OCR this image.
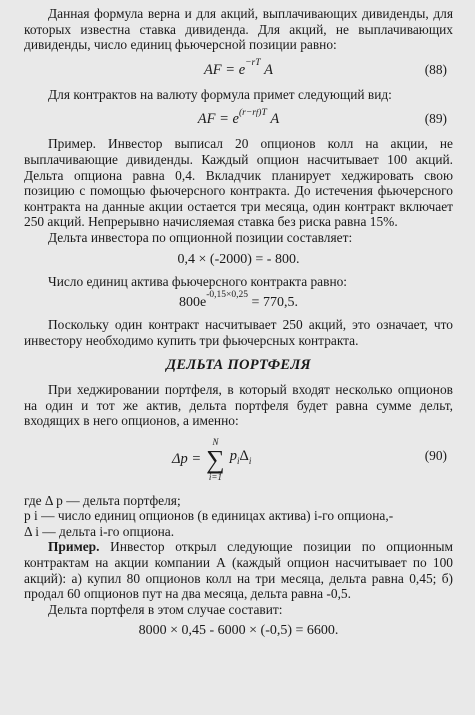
Данная формула верна и для акций, выплачивающих дивиденды, для которых известна ставка дивиденда. Для акций, не выплачивающих дивиденды, число единиц фьючерсной позиции равно:

AF = $e^{-rT}$ A	(88)

Для контрактов на валюту формула примет следующий вид:

AF = $e^{(r-rf)T}$ A	(89)

Пример. Инвестор выписал 20 опционов колл на акции, не выплачивающие дивиденды. Каждый опцион насчитывает 100 акций. Дельта опциона равна 0,4. Вкладчик планирует хеджировать свою позицию с помощью фьючерсного контракта. До истечения фьючерсного контракта на данные акции остается три месяца, один контракт включает 250 акций. Непрерывно начисляемая ставка без риска равна 15%.

Дельта инвестора по опционной позиции составляет:

0,4 × (-2000) = - 800.

Число единиц актива фьючерсного контракта равно:

$800e^{-0,15\times 0,25} = 770,5$.

Поскольку один контракт насчитывает 250 акций, это означает, что инвестору необходимо купить три фьючерсных контракта.

ДЕЛЬТА ПОРТФЕЛЯ

При хеджировании портфеля, в который входят несколько опционов на один и тот же актив, дельта портфеля будет равна сумме дельт, входящих в него опционов, а именно:

Δp =
N
∑
i=1
$p_i\Delta_i$	(90)

где Δ p — дельта портфеля;

p i — число единиц опционов (в единицах актива) i-го опциона,-

Δ i — дельта i-го опциона.

Пример. Инвестор открыл следующие позиции по опционным контрактам на акции компании А (каждый опцион насчитывает по 100 акций): а) купил 80 опционов колл на три месяца, дельта равна 0,45; б) продал 60 опционов пут на два месяца, дельта равна -0,5.

Дельта портфеля в этом случае составит:

8000 × 0,45 - 6000 × (-0,5) = 6600.
